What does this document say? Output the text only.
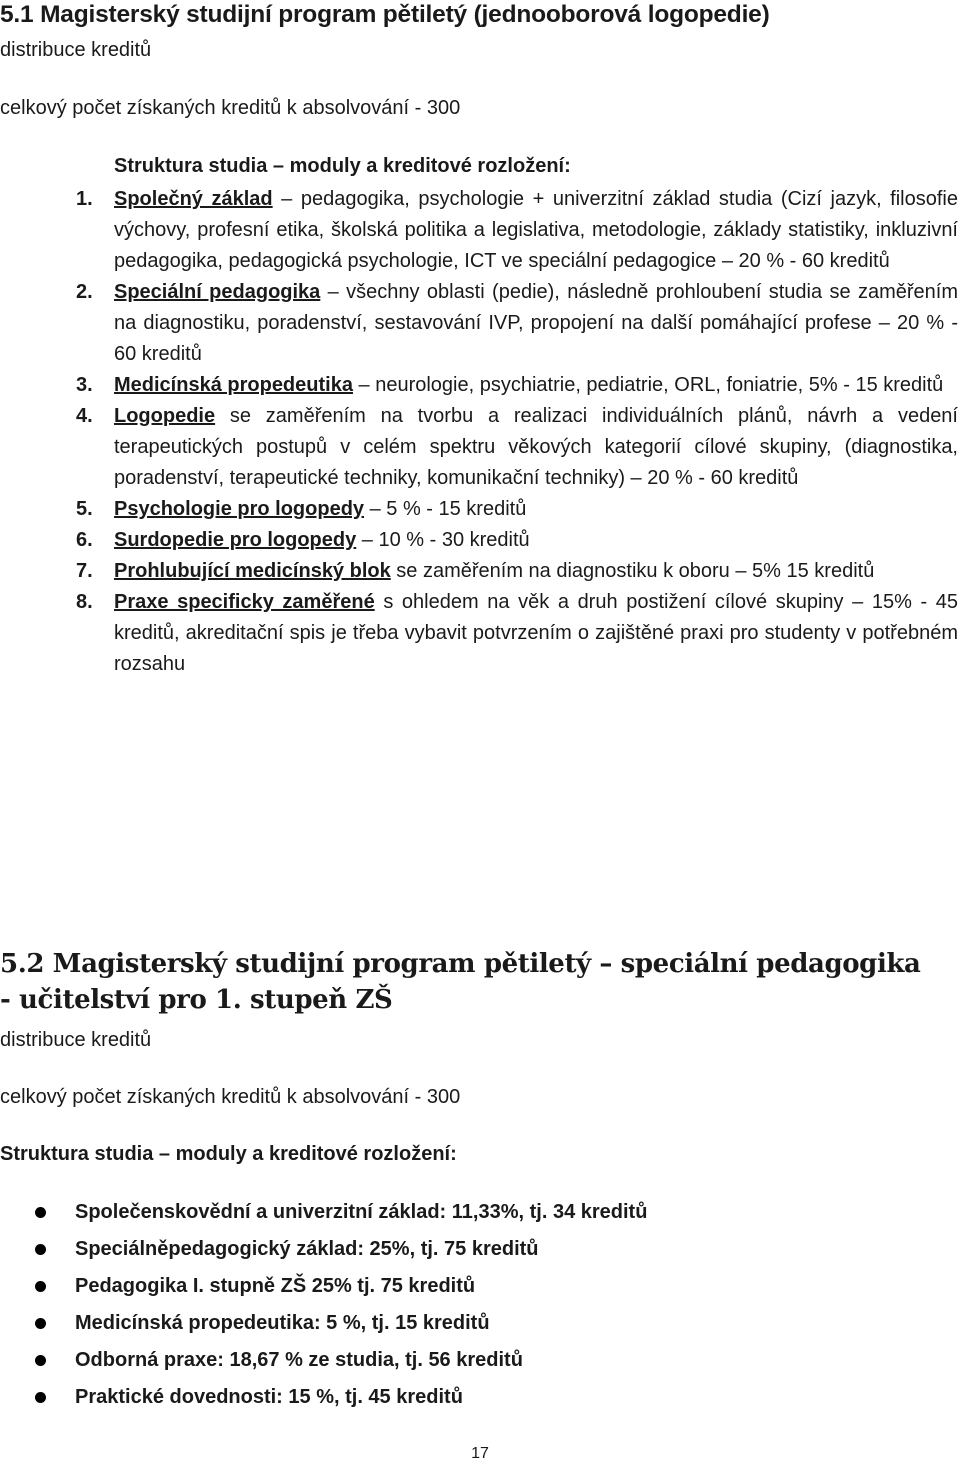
5.1 Magisterský studijní program pětiletý (jednooborová logopedie)

distribuce kreditů

celkový počet získaných kreditů k absolvování - 300

Struktura studia – moduly a kreditové rozložení:

1. Společný základ – pedagogika, psychologie + univerzitní základ studia (Cizí jazyk, filosofie výchovy, profesní etika, školská politika a legislativa, metodologie, základy statistiky, inkluzivní pedagogika, pedagogická psychologie, ICT ve speciální pedagogice – 20 % - 60 kreditů
2. Speciální pedagogika – všechny oblasti (pedie), následně prohloubení studia se zaměřením na diagnostiku, poradenství, sestavování IVP, propojení na další pomáhající profese – 20 % - 60 kreditů
3. Medicínská propedeutika – neurologie, psychiatrie, pediatrie, ORL, foniatrie, 5% - 15 kreditů
4. Logopedie se zaměřením na tvorbu a realizaci individuálních plánů, návrh a vedení terapeutických postupů v celém spektru věkových kategorií cílové skupiny, (diagnostika, poradenství, terapeutické techniky, komunikační techniky) – 20 % - 60 kreditů
5. Psychologie pro logopedy – 5 % - 15 kreditů
6. Surdopedie pro logopedy – 10 % - 30 kreditů
7. Prohlubující medicínský blok se zaměřením na diagnostiku k oboru – 5% 15 kreditů
8. Praxe specificky zaměřené s ohledem na věk a druh postižení cílové skupiny – 15% - 45 kreditů, akreditační spis je třeba vybavit potvrzením o zajištěné praxi pro studenty v potřebném rozsahu
5.2 Magisterský studijní program pětiletý – speciální pedagogika - učitelství pro 1. stupeň ZŠ

distribuce kreditů

celkový počet získaných kreditů k absolvování - 300

Struktura studia – moduly a kreditové rozložení:

Společenskovědní a univerzitní základ: 11,33%, tj. 34 kreditů
Speciálněpedagogický základ: 25%, tj. 75 kreditů
Pedagogika I. stupně ZŠ 25% tj. 75 kreditů
Medicínská propedeutika: 5 %, tj. 15 kreditů
Odborná praxe: 18,67 % ze studia, tj. 56 kreditů
Praktické dovednosti: 15 %, tj. 45 kreditů
17
